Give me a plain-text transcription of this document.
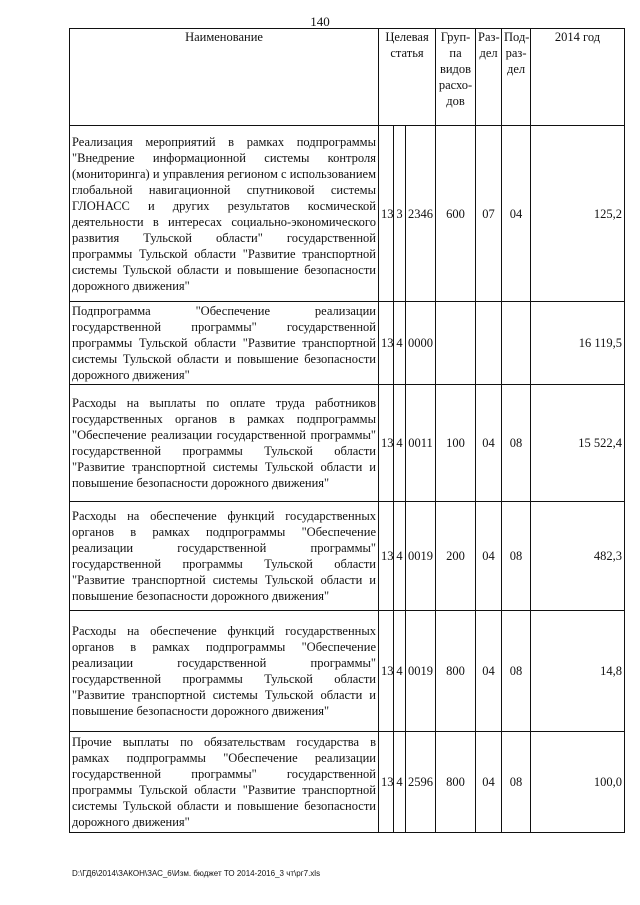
140
Наименование	Целевая статья			Груп-па видов расхо-дов	Раз-дел	Под-раз-дел	2014 год
Реализация мероприятий в рамках подпрограммы "Внедрение информационной системы контроля (мониторинга) и управления регионом с использованием глобальной навигационной спутниковой системы ГЛОНАСС и других результатов космической деятельности в интересах социально-экономического развития Тульской области" государственной программы Тульской области "Развитие транспортной системы Тульской области и повышение безопасности дорожного движения"	13	3	2346	600	07	04	125,2
Подпрограмма "Обеспечение реализации государственной программы" государственной программы Тульской области "Развитие транспортной системы Тульской области и повышение безопасности дорожного движения"	13	4	0000				16 119,5
Расходы на выплаты по оплате труда работников государственных органов в рамках подпрограммы "Обеспечение реализации государственной программы" государственной программы Тульской области "Развитие транспортной системы Тульской области и повышение безопасности дорожного движения"	13	4	0011	100	04	08	15 522,4
Расходы на обеспечение функций государственных органов в рамках подпрограммы "Обеспечение реализации государственной программы" государственной программы Тульской области "Развитие транспортной системы Тульской области и повышение безопасности дорожного движения"	13	4	0019	200	04	08	482,3
Расходы на обеспечение функций государственных органов в рамках подпрограммы "Обеспечение реализации государственной программы" государственной программы Тульской области "Развитие транспортной системы Тульской области и повышение безопасности дорожного движения"	13	4	0019	800	04	08	14,8
Прочие выплаты по обязательствам государства в рамках подпрограммы "Обеспечение реализации государственной программы" государственной программы Тульской области "Развитие транспортной системы Тульской области и повышение безопасности дорожного движения"	13	4	2596	800	04	08	100,0
D:\ГД6\2014\ЗАКОН\ЗАС_6\Изм. бюджет ТО 2014-2016_3 чт\рг7.xls
